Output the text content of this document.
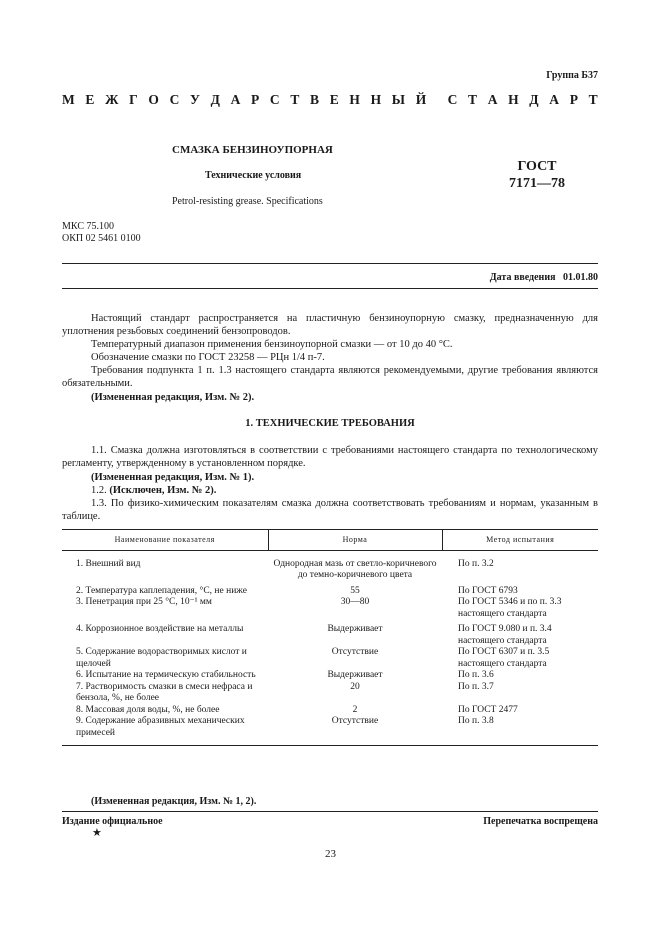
Группа Б37
М Е Ж Г О С У Д А Р С Т В Е Н Н Ы Й С Т А Н Д А Р Т
СМАЗКА БЕНЗИНОУПОРНАЯ
Технические условия
Petrol-resisting grease. Specifications
ГОСТ
7171—78
МКС 75.100
ОКП 02 5461 0100
Дата введения 01.01.80
Настоящий стандарт распространяется на пластичную бензиноупорную смазку, предназначенную для уплотнения резьбовых соединений бензопроводов.
Температурный диапазон применения бензиноупорной смазки — от 10 до 40 °С.
Обозначение смазки по ГОСТ 23258 — РЦн 1/4 п-7.
Требования подпункта 1 п. 1.3 настоящего стандарта являются рекомендуемыми, другие требования являются обязательными.
(Измененная редакция, Изм. № 2).
1. ТЕХНИЧЕСКИЕ ТРЕБОВАНИЯ
1.1. Смазка должна изготовляться в соответствии с требованиями настоящего стандарта по технологическому регламенту, утвержденному в установленном порядке.
(Измененная редакция, Изм. № 1).
1.2. (Исключен, Изм. № 2).
1.3. По физико-химическим показателям смазка должна соответствовать требованиям и нормам, указанным в таблице.
Наименование показателя	Норма	Метод испытания
1. Внешний вид	Однородная мазь от светло-коричневого до темно-коричневого цвета	По п. 3.2
2. Температура каплепадения, °С, не ниже	55	По ГОСТ 6793
3. Пенетрация при 25 °С, 10⁻¹ мм	30—80	По ГОСТ 5346 и по п. 3.3 настоящего стандарта
4. Коррозионное воздействие на металлы	Выдерживает	По ГОСТ 9.080 и п. 3.4 настоящего стандарта
5. Содержание водорастворимых кислот и щелочей	Отсутствие	По ГОСТ 6307 и п. 3.5 настоящего стандарта
6. Испытание на термическую стабильность	Выдерживает	По п. 3.6
7. Растворимость смазки в смеси нефраса и бензола, %, не более	20	По п. 3.7
8. Массовая доля воды, %, не более	2	По ГОСТ 2477
9. Содержание абразивных механических примесей	Отсутствие	По п. 3.8
(Измененная редакция, Изм. № 1, 2).
Издание официальное	Перепечатка воспрещена
★
23
